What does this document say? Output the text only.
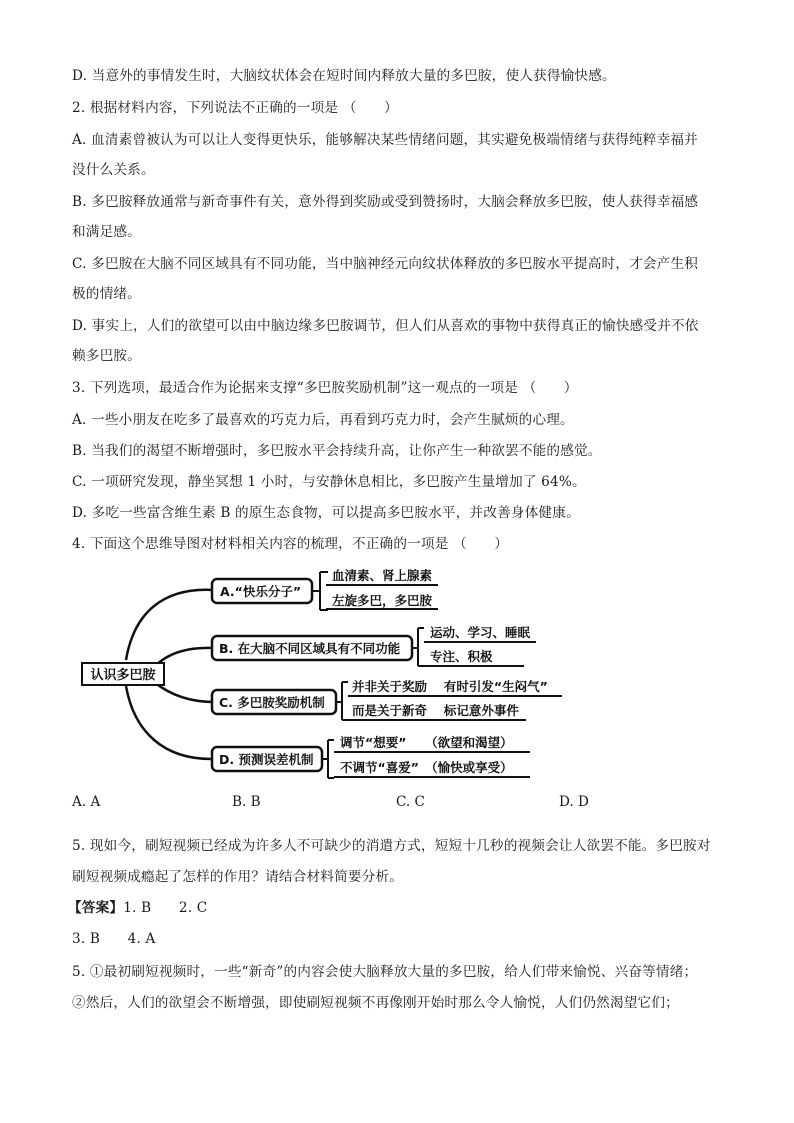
D. 当意外的事情发生时，大脑纹状体会在短时间内释放大量的多巴胺，使人获得愉快感。
2. 根据材料内容，下列说法不正确的一项是 （　　）
A. 血清素曾被认为可以让人变得更快乐，能够解决某些情绪问题，其实避免极端情绪与获得纯粹幸福并
没什么关系。
B. 多巴胺释放通常与新奇事件有关，意外得到奖励或受到赞扬时，大脑会释放多巴胺，使人获得幸福感
和满足感。
C. 多巴胺在大脑不同区域具有不同功能，当中脑神经元向纹状体释放的多巴胺水平提高时，才会产生积
极的情绪。
D. 事实上，人们的欲望可以由中脑边缘多巴胺调节，但人们从喜欢的事物中获得真正的愉快感受并不依
赖多巴胺。
3. 下列选项，最适合作为论据来支撑“多巴胺奖励机制”这一观点的一项是 （　　）
A. 一些小朋友在吃多了最喜欢的巧克力后，再看到巧克力时，会产生腻烦的心理。
B. 当我们的渴望不断增强时，多巴胺水平会持续升高，让你产生一种欲罢不能的感觉。
C. 一项研究发现，静坐冥想 1 小时，与安静休息相比，多巴胺产生量增加了 64%。
D. 多吃一些富含维生素 B 的原生态食物，可以提高多巴胺水平，并改善身体健康。
4. 下面这个思维导图对材料相关内容的梳理，不正确的一项是 （　　）
认识多巴胺
A.“快乐分子”
血清素、肾上腺素
左旋多巴，多巴胺
B. 在大脑不同区域具有不同功能
运动、学习、睡眠
专注、积极
C. 多巴胺奖励机制
并非关于奖励　 有时引发“生闷气”
而是关于新奇　 标记意外事件
D. 预测误差机制
调节“想要”　　（欲望和渴望）
不调节“喜爱”　（愉快或享受）
A. A	B. B	C. C	D. D
5. 现如今，刷短视频已经成为许多人不可缺少的消遣方式，短短十几秒的视频会让人欲罢不能。多巴胺对
刷短视频成瘾起了怎样的作用？请结合材料简要分析。
【答案】1. B　　2. C
3. B　　4. A
5. ①最初刷短视频时，一些“新奇”的内容会使大脑释放大量的多巴胺，给人们带来愉悦、兴奋等情绪；
②然后，人们的欲望会不断增强，即使刷短视频不再像刚开始时那么令人愉悦，人们仍然渴望它们；
